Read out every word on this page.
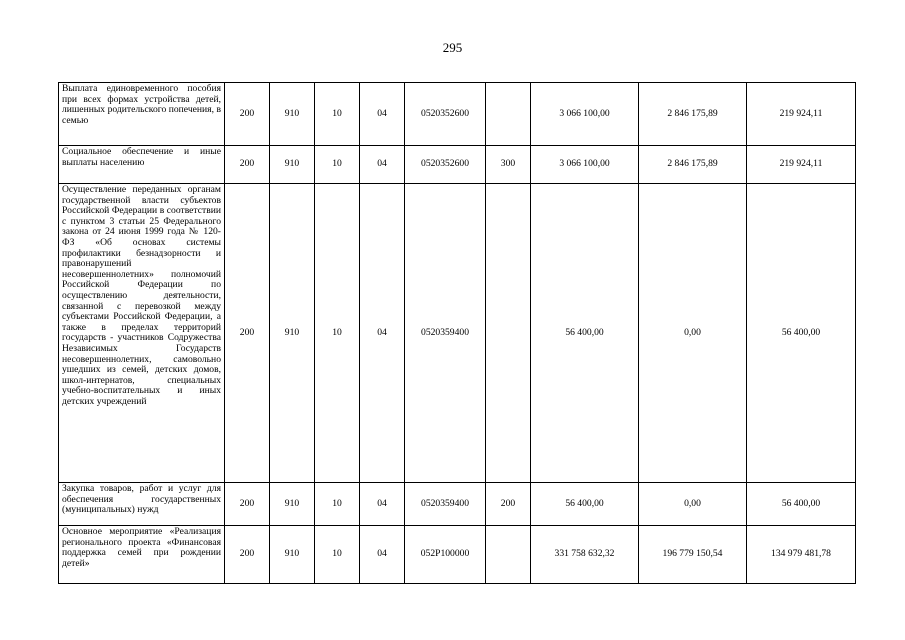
295
Выплата единовременного пособия при всех формах устройства детей, лишенных родительского попечения, в семью	200	910	10	04	0520352600		3 066 100,00	2 846 175,89	219 924,11
Социальное обеспечение и иные выплаты населению	200	910	10	04	0520352600	300	3 066 100,00	2 846 175,89	219 924,11
Осуществление переданных органам государственной власти субъектов Российской Федерации в соответствии с пунктом 3 статьи 25 Федерального закона от 24 июня 1999 года № 120-ФЗ «Об основах системы профилактики безнадзорности и правонарушений несовершеннолетних» полномочий Российской Федерации по осуществлению деятельности, связанной с перевозкой между субъектами Российской Федерации, а также в пределах территорий государств - участников Содружества Независимых Государств несовершеннолетних, самовольно ушедших из семей, детских домов, школ-интернатов, специальных учебно-воспитательных и иных детских учреждений	200	910	10	04	0520359400		56 400,00	0,00	56 400,00
Закупка товаров, работ и услуг для обеспечения государственных (муниципальных) нужд	200	910	10	04	0520359400	200	56 400,00	0,00	56 400,00
Основное мероприятие «Реализация регионального проекта «Финансовая поддержка семей при рождении детей»	200	910	10	04	052P100000		331 758 632,32	196 779 150,54	134 979 481,78
